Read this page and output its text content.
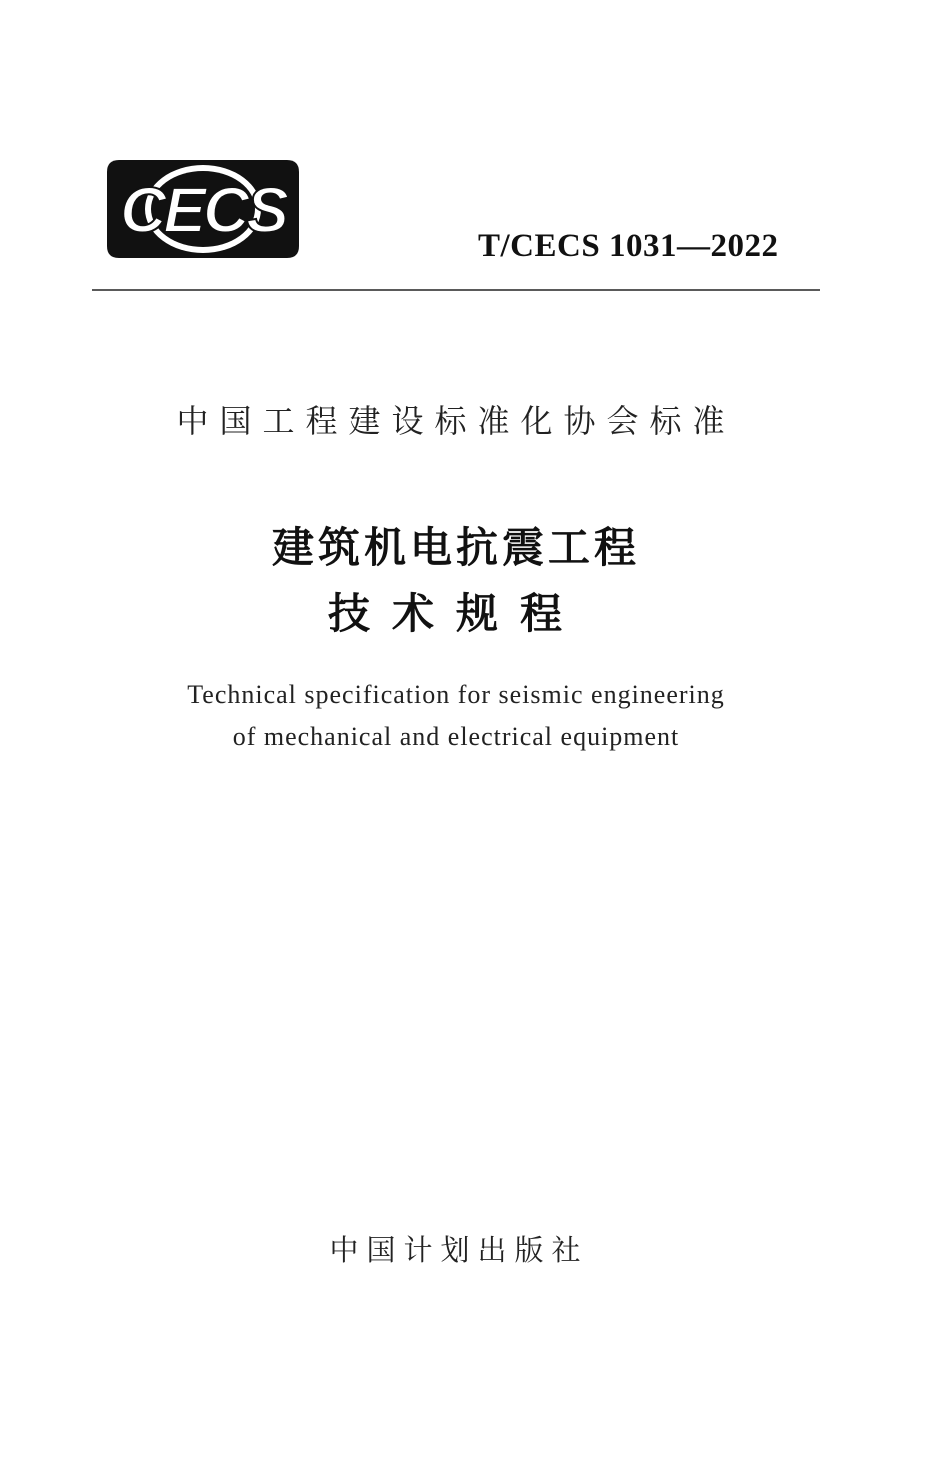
CECS	T/CECS 1031—2022
中国工程建设标准化协会标准
建筑机电抗震工程
技术规程
Technical specification for seismic engineering
of mechanical and electrical equipment
中国计划出版社
